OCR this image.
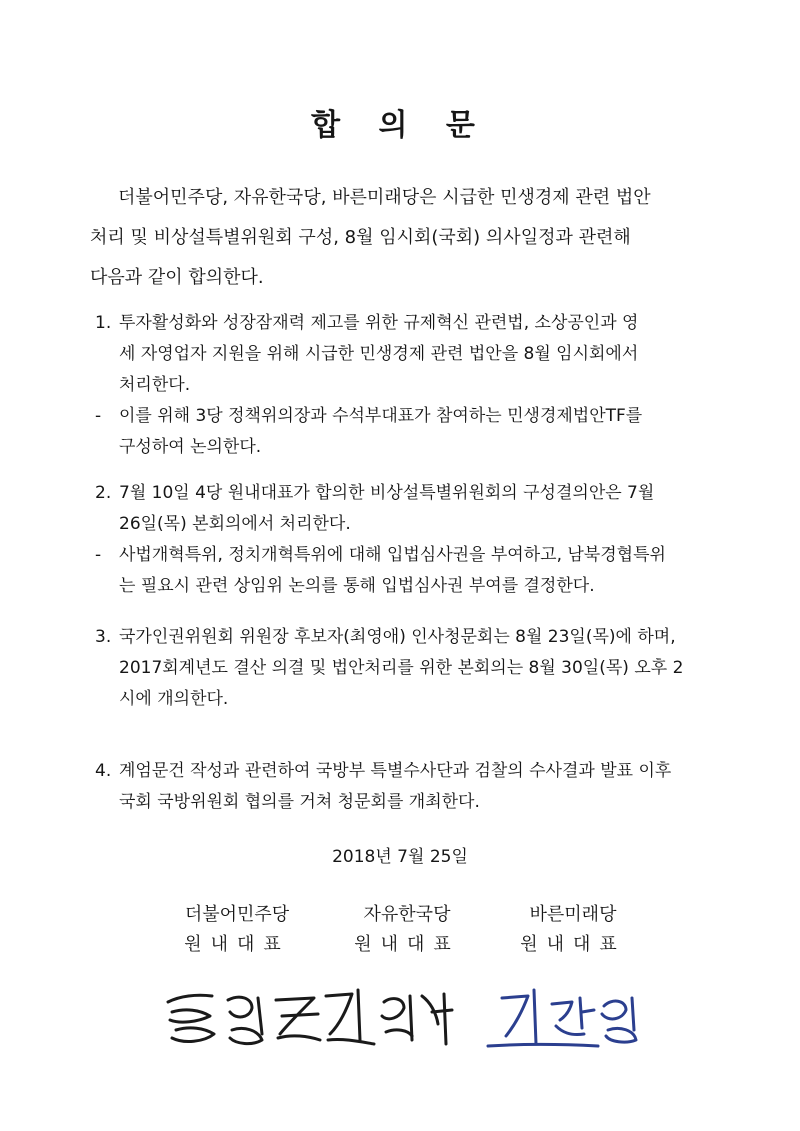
합 의 문
더불어민주당, 자유한국당, 바른미래당은 시급한 민생경제 관련 법안
처리 및 비상설특별위원회 구성, 8월 임시회(국회) 의사일정과 관련해
다음과 같이 합의한다.
1. 투자활성화와 성장잠재력 제고를 위한 규제혁신 관련법, 소상공인과 영
세 자영업자 지원을 위해 시급한 민생경제 관련 법안을 8월 임시회에서
처리한다.
- 이를 위해 3당 정책위의장과 수석부대표가 참여하는 민생경제법안TF를
구성하여 논의한다.
2. 7월 10일 4당 원내대표가 합의한 비상설특별위원회의 구성결의안은 7월
26일(목) 본회의에서 처리한다.
- 사법개혁특위, 정치개혁특위에 대해 입법심사권을 부여하고, 남북경협특위
는 필요시 관련 상임위 논의를 통해 입법심사권 부여를 결정한다.
3. 국가인권위원회 위원장 후보자(최영애) 인사청문회는 8월 23일(목)에 하며,
2017회계년도 결산 의결 및 법안처리를 위한 본회의는 8월 30일(목) 오후 2
시에 개의한다.
4. 계엄문건 작성과 관련하여 국방부 특별수사단과 검찰의 수사결과 발표 이후
국회 국방위원회 협의를 거쳐 청문회를 개최한다.
2018년 7월 25일
더불어민주당
원내대표
자유한국당
원내대표
바른미래당
원내대표
